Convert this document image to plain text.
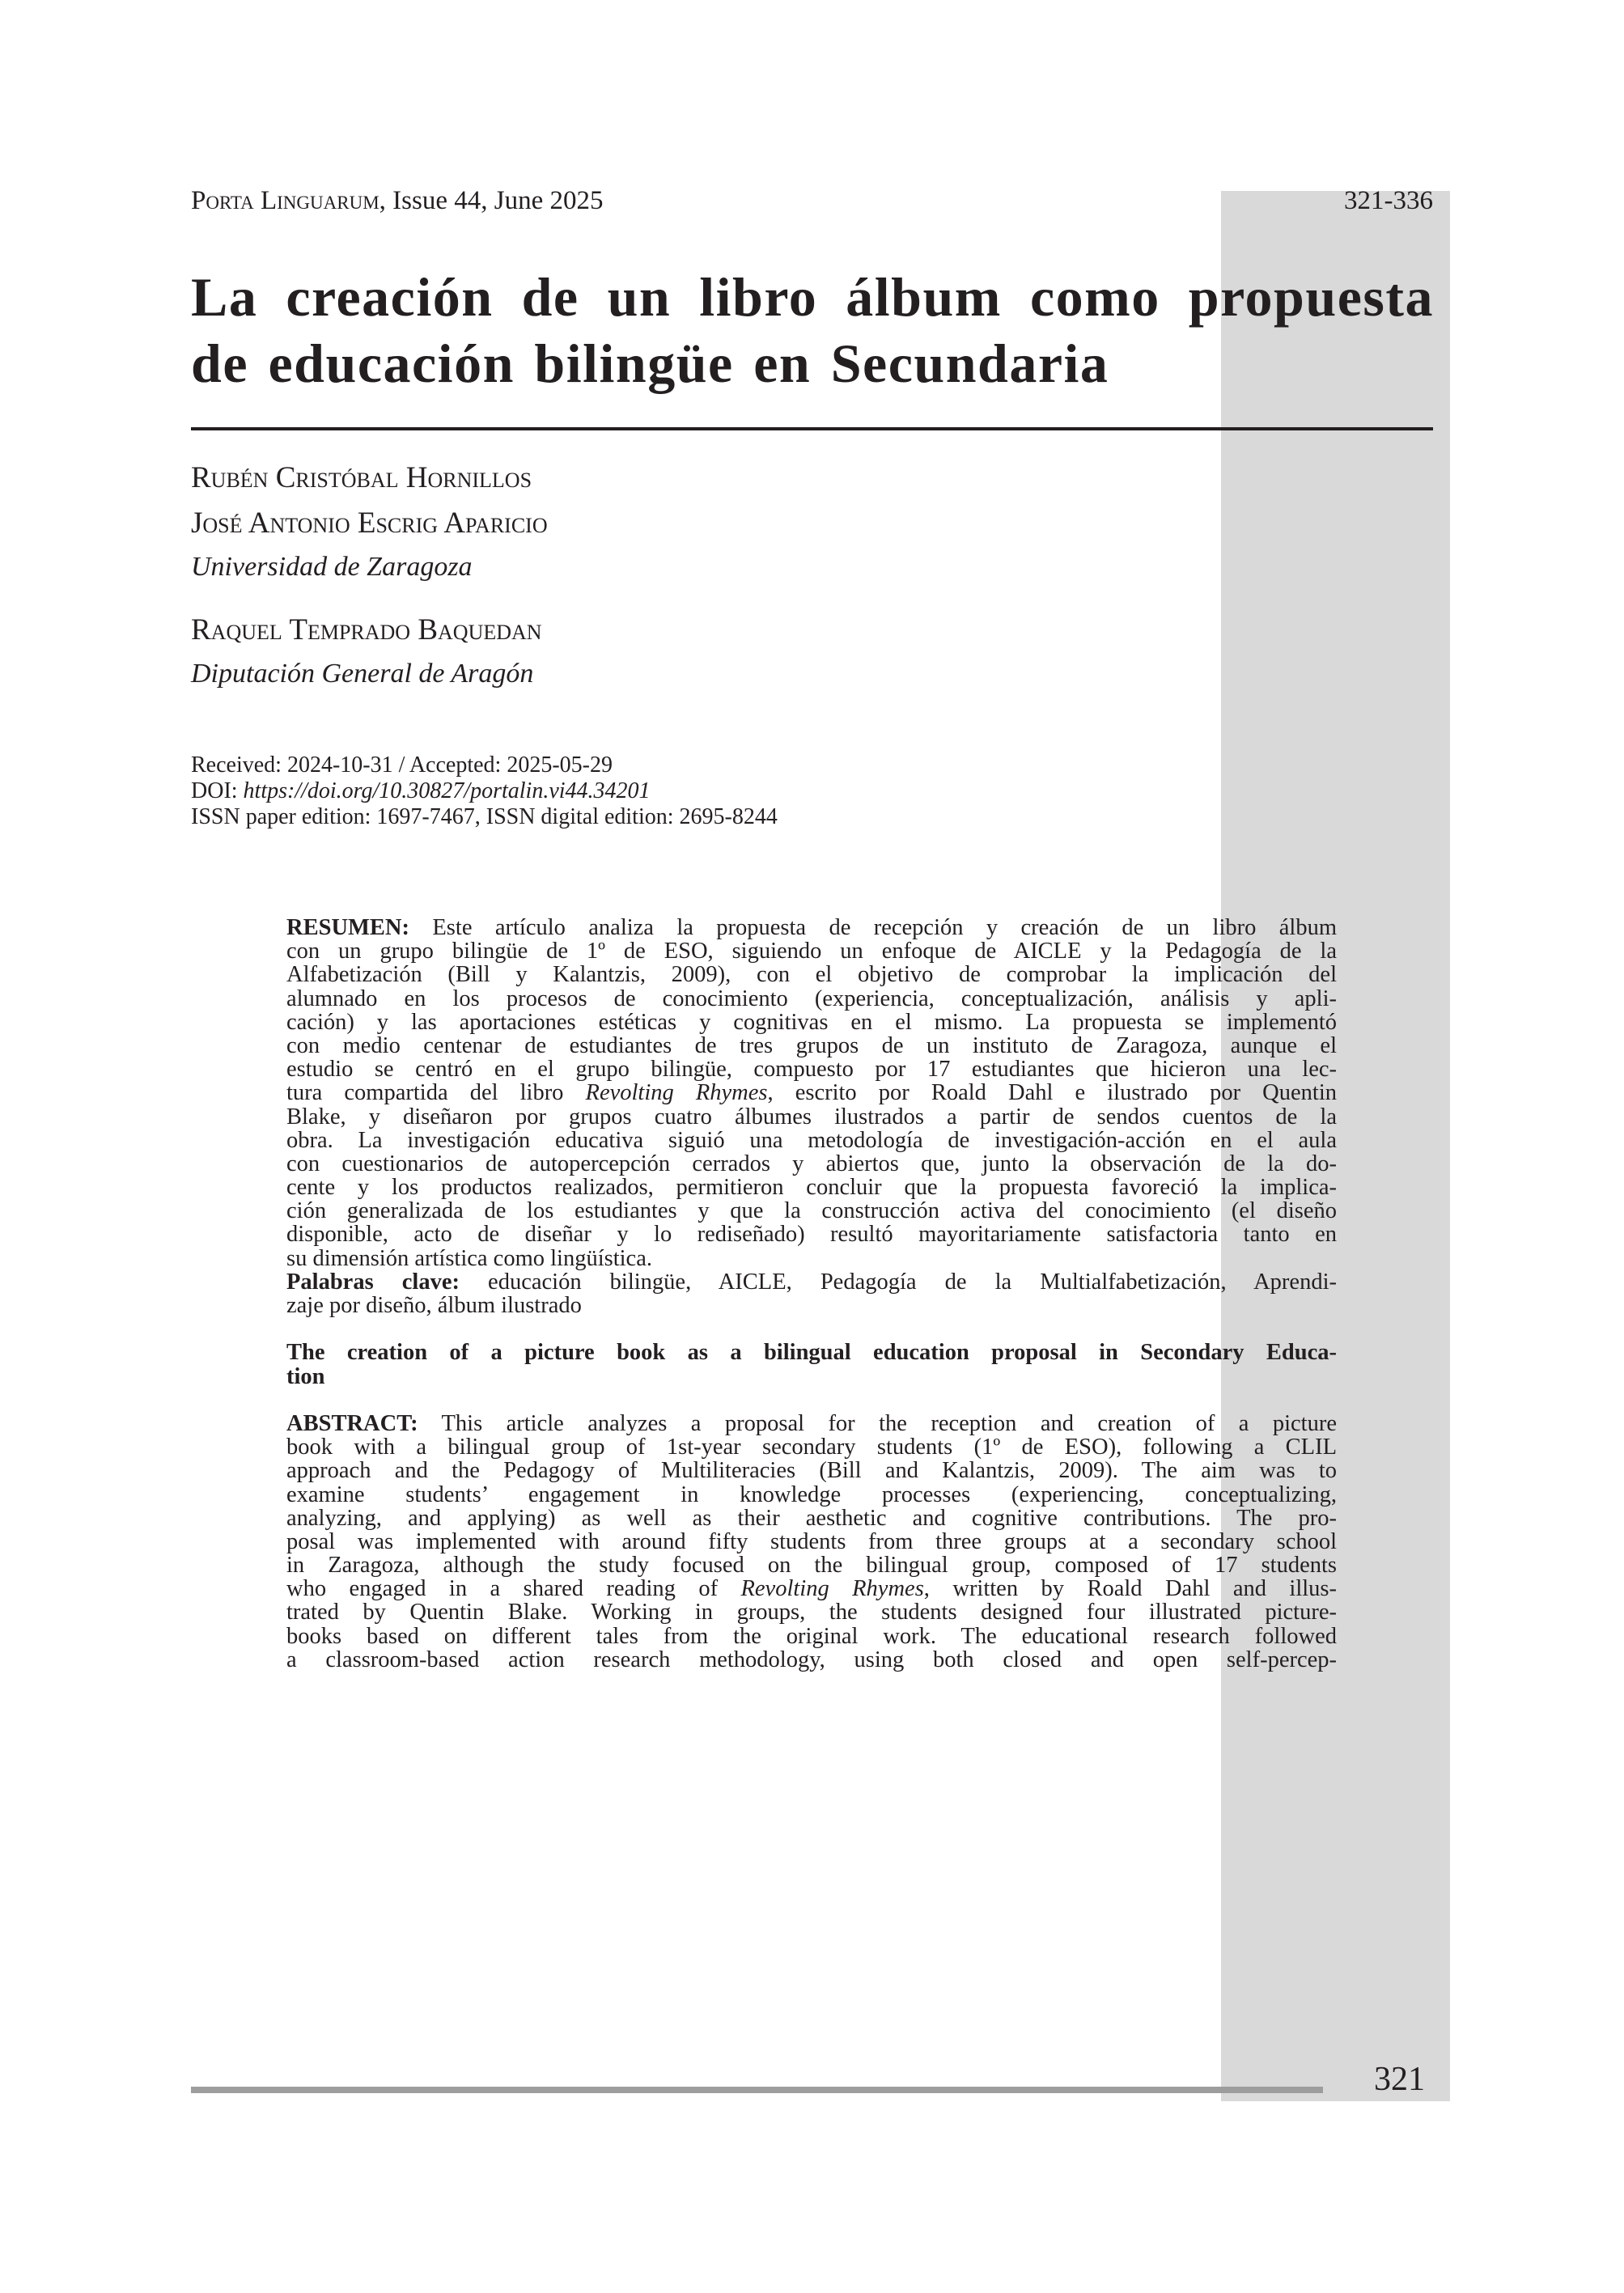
Porta Linguarum, Issue 44, June 2025	321-336
La creación de un libro álbum como propuesta
de educación bilingüe en Secundaria
Rubén Cristóbal Hornillos
José Antonio Escrig Aparicio
Universidad de Zaragoza
Raquel Temprado Baquedan
Diputación General de Aragón
Received: 2024-10-31 / Accepted: 2025-05-29
DOI: https://doi.org/10.30827/portalin.vi44.34201
ISSN paper edition: 1697-7467, ISSN digital edition: 2695-8244
RESUMEN: Este artículo analiza la propuesta de recepción y creación de un libro álbum
con un grupo bilingüe de 1º de ESO, siguiendo un enfoque de AICLE y la Pedagogía de la
Alfabetización (Bill y Kalantzis, 2009), con el objetivo de comprobar la implicación del
alumnado en los procesos de conocimiento (experiencia, conceptualización, análisis y apli-
cación) y las aportaciones estéticas y cognitivas en el mismo. La propuesta se implementó
con medio centenar de estudiantes de tres grupos de un instituto de Zaragoza, aunque el
estudio se centró en el grupo bilingüe, compuesto por 17 estudiantes que hicieron una lec-
tura compartida del libro Revolting Rhymes, escrito por Roald Dahl e ilustrado por Quentin
Blake, y diseñaron por grupos cuatro álbumes ilustrados a partir de sendos cuentos de la
obra. La investigación educativa siguió una metodología de investigación-acción en el aula
con cuestionarios de autopercepción cerrados y abiertos que, junto la observación de la do-
cente y los productos realizados, permitieron concluir que la propuesta favoreció la implica-
ción generalizada de los estudiantes y que la construcción activa del conocimiento (el diseño
disponible, acto de diseñar y lo rediseñado) resultó mayoritariamente satisfactoria tanto en
su dimensión artística como lingüística.
Palabras clave: educación bilingüe, AICLE, Pedagogía de la Multialfabetización, Aprendi-
zaje por diseño, álbum ilustrado
The creation of a picture book as a bilingual education proposal in Secondary Educa-
tion
ABSTRACT: This article analyzes a proposal for the reception and creation of a picture
book with a bilingual group of 1st-year secondary students (1º de ESO), following a CLIL
approach and the Pedagogy of Multiliteracies (Bill and Kalantzis, 2009). The aim was to
examine students’ engagement in knowledge processes (experiencing, conceptualizing,
analyzing, and applying) as well as their aesthetic and cognitive contributions. The pro-
posal was implemented with around fifty students from three groups at a secondary school
in Zaragoza, although the study focused on the bilingual group, composed of 17 students
who engaged in a shared reading of Revolting Rhymes, written by Roald Dahl and illus-
trated by Quentin Blake. Working in groups, the students designed four illustrated picture-
books based on different tales from the original work. The educational research followed
a classroom-based action research methodology, using both closed and open self-percep-
321
